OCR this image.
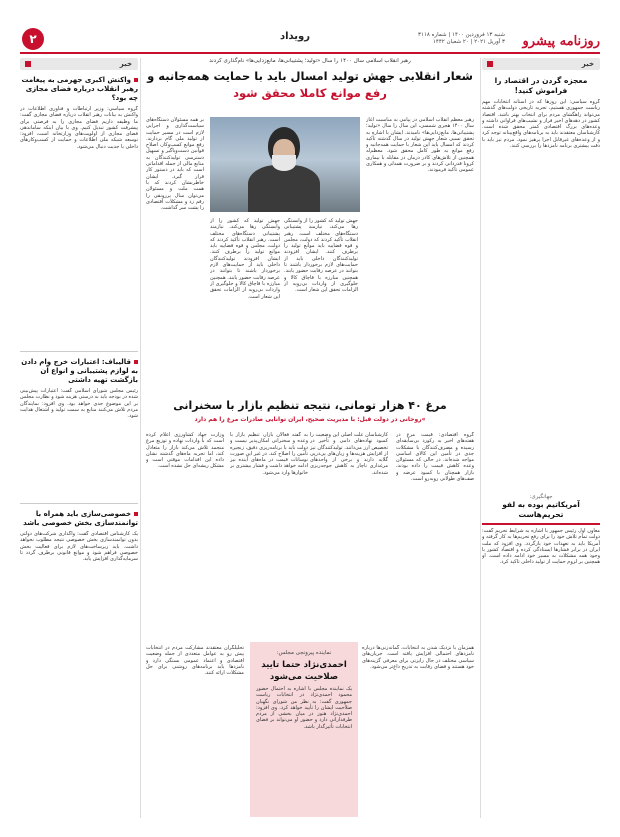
روزنامه پیشرو
شنبه ۱۳ فروردین ۱۴۰۰ | شماره ۳۱۱۸
۳ آوریل ۲۰۲۱ | ۲۰ شعبان ۱۴۴۲
رویداد
۲
خبر
معجزه گردن در اقتصاد را فراموش کنید!
گروه سیاسی: این روزها که در آستانه انتخابات مهم ریاست جمهوری هستیم، تجربه تاریخی دولت‌های گذشته می‌تواند راهگشای مردم برای انتخاب بهتر باشد. اقتصاد کشور در دهه‌های اخیر فراز و نشیب‌های فراوانی داشته و وعده‌های بزرگ اقتصادی کمتر محقق شده است. کارشناسان معتقدند باید به برنامه‌های واقع‌بینانه توجه کرد و از وعده‌های غیرقابل اجرا پرهیز نمود. مردم نیز باید با دقت بیشتری برنامه نامزدها را بررسی کنند.
جهانگیری:
آمریکاتیم بوده به لفو تحریم‌هاست
معاون اول رئیس جمهور با اشاره به شرایط تحریم گفت: دولت تمام تلاش خود را برای رفع تحریم‌ها به کار گرفته و آمریکا باید به تعهدات خود بازگردد. وی افزود که ملت ایران در برابر فشارها ایستادگی کرده و اقتصاد کشور با وجود همه مشکلات به مسیر خود ادامه داده است. او همچنین بر لزوم حمایت از تولید داخلی تاکید کرد.
خبر
واکنش اکبری جهرمی به پیغامت رهبر انقلاب درباره فضای مجازی چه بود؟
گروه سیاسی: وزیر ارتباطات و فناوری اطلاعات در واکنش به بیانات رهبر انقلاب درباره فضای مجازی گفت: ما وظیفه داریم فضای مجازی را به فرصتی برای پیشرفت کشور تبدیل کنیم. وی با بیان اینکه ساماندهی فضای مجازی از اولویت‌های وزارتخانه است، افزود: توسعه شبکه ملی اطلاعات و حمایت از کسب‌وکارهای داخلی با جدیت دنبال می‌شود.
قالیباف: اعتبارات خرج وام دادن به لوازم پشتیبانی و انواع آن بازگشت تهیه داشتی
رئیس مجلس شورای اسلامی گفت: اعتبارات پیش‌بینی شده در بودجه باید به درستی هزینه شود و نظارت مجلس بر این موضوع جدی خواهد بود. وی افزود: نمایندگان مردم تلاش می‌کنند منابع به سمت تولید و اشتغال هدایت شود.
خصوصی‌سازی باید همراه با توانمندسازی بخش خصوصی باشد
یک کارشناس اقتصادی گفت: واگذاری شرکت‌های دولتی بدون توانمندسازی بخش خصوصی نتیجه مطلوب نخواهد داشت. باید زیرساخت‌های لازم برای فعالیت بخش خصوصی فراهم شود و موانع قانونی برطرف گردد تا سرمایه‌گذاری افزایش یابد.
رهبر انقلاب اسلامی سال ۱۴۰۰ را سال «تولید؛ پشتیبانی‌ها، مانع‌زدایی‌ها» نام‌گذاری کردند
شعار انقلابی جهش تولید امسال باید با حمایت همه‌جانبه و
رفع موانع کاملا محقق شود
رهبر معظم انقلاب اسلامی در پیامی به مناسبت آغاز سال ۱۴۰۰ هجری شمسی، این سال را سال «تولید؛ پشتیبانی‌ها، مانع‌زدایی‌ها» نامیدند. ایشان با اشاره به تحقق نسبی شعار جهش تولید در سال گذشته تأکید کردند که امسال باید این شعار با حمایت همه‌جانبه و رفع موانع به طور کامل محقق شود. معظم‌له همچنین از تلاش‌های کادر درمان در مقابله با بیماری کرونا قدردانی کردند و بر ضرورت همدلی و همکاری عمومی تأکید فرمودند.
جهش تولید که کشور را از وابستگی رها می‌کند، نیازمند پشتیبانی دستگاه‌های مختلف است. رهبر انقلاب تأکید کردند که دولت، مجلس و قوه قضاییه باید موانع تولید را برطرف کنند. ایشان افزودند تولیدکنندگان داخلی باید از حمایت‌های لازم برخوردار باشند تا بتوانند در عرصه رقابت حضور یابند. همچنین مبارزه با قاچاق کالا و جلوگیری از واردات بی‌رویه از الزامات تحقق این شعار است.
بر همه مسئولان دستگاه‌های سیاست‌گذاری و اجرایی لازم است در مسیر حمایت از تولید ملی گام بردارند. رفع موانع کسب‌وکار، اصلاح قوانین دست‌وپاگیر و تسهیل دسترسی تولیدکنندگان به منابع مالی از جمله اقداماتی است که باید در دستور کار قرار گیرد. ایشان خاطرنشان کردند که با همت ملت و مسئولان می‌توان سال پررونقی را رقم زد و مشکلات اقتصادی را پشت سر گذاشت.
جهش تولید که کشور را از وابستگی رها می‌کند، نیازمند پشتیبانی دستگاه‌های مختلف است. رهبر انقلاب تأکید کردند که دولت، مجلس و قوه قضاییه باید موانع تولید را برطرف کنند. ایشان افزودند تولیدکنندگان داخلی باید از حمایت‌های لازم برخوردار باشند تا بتوانند در عرصه رقابت حضور یابند. همچنین مبارزه با قاچاق کالا و جلوگیری از واردات بی‌رویه از الزامات تحقق این شعار است.
مرغ ۴۰ هزار تومانی، نتیجه تنظیم بازار با سخنرانی
»روحانی در دولت قبل: با مدیریت صحیح، ایران توانایی صادرات مرغ را هم دارد
گروه اقتصادی: قیمت مرغ در هفته‌های اخیر به رکورد بی‌سابقه‌ای رسیده و مصرف‌کنندگان با مشکلات جدی در تأمین این کالای اساسی مواجه شده‌اند. در حالی که مسئولان وعده کاهش قیمت را داده بودند، بازار همچنان با کمبود عرضه و صف‌های طولانی روبه‌رو است.
کارشناسان علت اصلی این وضعیت را کمبود نهاده‌های دامی و تأخیر در تخصیص ارز می‌دانند. تولیدکنندگان نیز از افزایش هزینه‌ها و زیان‌های پی‌درپی گلایه دارند و برخی از واحدهای مرغداری ناچار به کاهش جوجه‌ریزی شده‌اند.
به گفته فعالان بازار، تنظیم بازار با وعده و سخنرانی امکان‌پذیر نیست و دولت باید با برنامه‌ریزی دقیق، زنجیره تأمین را اصلاح کند. در غیر این صورت نوسانات قیمت در ماه‌های آینده نیز ادامه خواهد داشت و فشار بیشتری بر خانوارها وارد می‌شود.
وزارت جهاد کشاورزی اعلام کرده است که با واردات نهاده و توزیع مرغ منجمد تلاش می‌کند بازار را متعادل کند، اما تجربه ماه‌های گذشته نشان داده این اقدامات موقتی است و مشکل ریشه‌ای حل نشده است.
نماینده پیرونجی مجلس:
احمدی‌نژاد حتما تایید صلاحیت می‌شود
یک نماینده مجلس با اشاره به احتمال حضور محمود احمدی‌نژاد در انتخابات ریاست جمهوری گفت: به نظر من شورای نگهبان صلاحیت ایشان را تأیید خواهد کرد. وی افزود: احمدی‌نژاد هنوز در میان بخشی از مردم طرفدارانی دارد و حضور او می‌تواند بر فضای انتخابات تأثیرگذار باشد.
همزمان با نزدیک شدن به انتخابات، گمانه‌زنی‌ها درباره نامزدهای احتمالی افزایش یافته است. جریان‌های سیاسی مختلف در حال رایزنی برای معرفی گزینه‌های خود هستند و فضای رقابت به تدریج داغ‌تر می‌شود.
تحلیلگران معتقدند مشارکت مردم در انتخابات پیش رو به عوامل متعددی از جمله وضعیت اقتصادی و اعتماد عمومی بستگی دارد و نامزدها باید برنامه‌های روشنی برای حل مشکلات ارائه کنند.
